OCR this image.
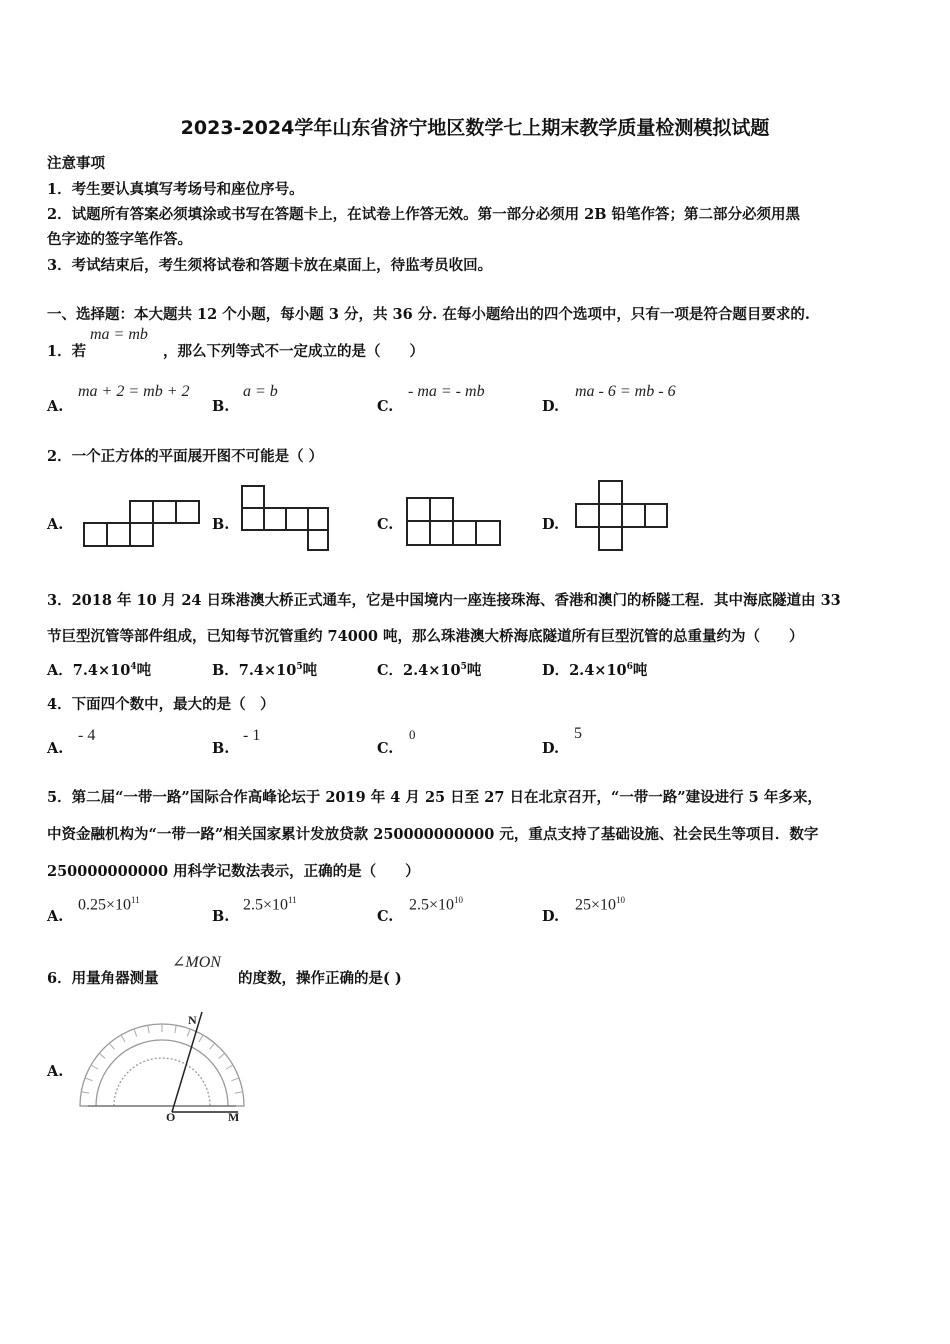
2023-2024学年山东省济宁地区数学七上期末教学质量检测模拟试题
注意事项
1．考生要认真填写考场号和座位序号。
2．试题所有答案必须填涂或书写在答题卡上，在试卷上作答无效。第一部分必须用 2B 铅笔作答；第二部分必须用黑
色字迹的签字笔作答。
3．考试结束后，考生须将试卷和答题卡放在桌面上，待监考员收回。
一、选择题：本大题共 12 个小题，每小题 3 分，共 36 分. 在每小题给出的四个选项中，只有一项是符合题目要求的.
1．若
ma = mb
，那么下列等式不一定成立的是（　　）
A.
ma + 2 = mb + 2
B.
a = b
C.
- ma = - mb
D.
ma - 6 = mb - 6
2．一个正方体的平面展开图不可能是（ ）
A.	B.	C.	D.
3．2018 年 10 月 24 日珠港澳大桥正式通车，它是中国境内一座连接珠海、香港和澳门的桥隧工程．其中海底隧道由 33
节巨型沉管等部件组成，已知每节沉管重约 74000 吨，那么珠港澳大桥海底隧道所有巨型沉管的总重量约为（　　）
A．$7.4\times 10^4$吨	B．$7.4\times 10^5$吨	C．$2.4\times 10^5$吨	D．$2.4\times 10^6$吨
4．下面四个数中，最大的是（　）
A.
- 4
B.
- 1
C.
0
D.
5
5．第二届“一带一路”国际合作高峰论坛于 2019 年 4 月 25 日至 27 日在北京召开，“一带一路”建设进行 5 年多来，
中资金融机构为“一带一路”相关国家累计发放贷款 250000000000 元，重点支持了基础设施、社会民生等项目．数字
250000000000 用科学记数法表示，正确的是（　　）
A.
$0.25\times 10^{11}$
B.
$2.5\times 10^{11}$
C.
$2.5\times 10^{10}$
D.
$25\times 10^{10}$
6．用量角器测量
∠MON
的度数，操作正确的是( )
A.
N
O	M
